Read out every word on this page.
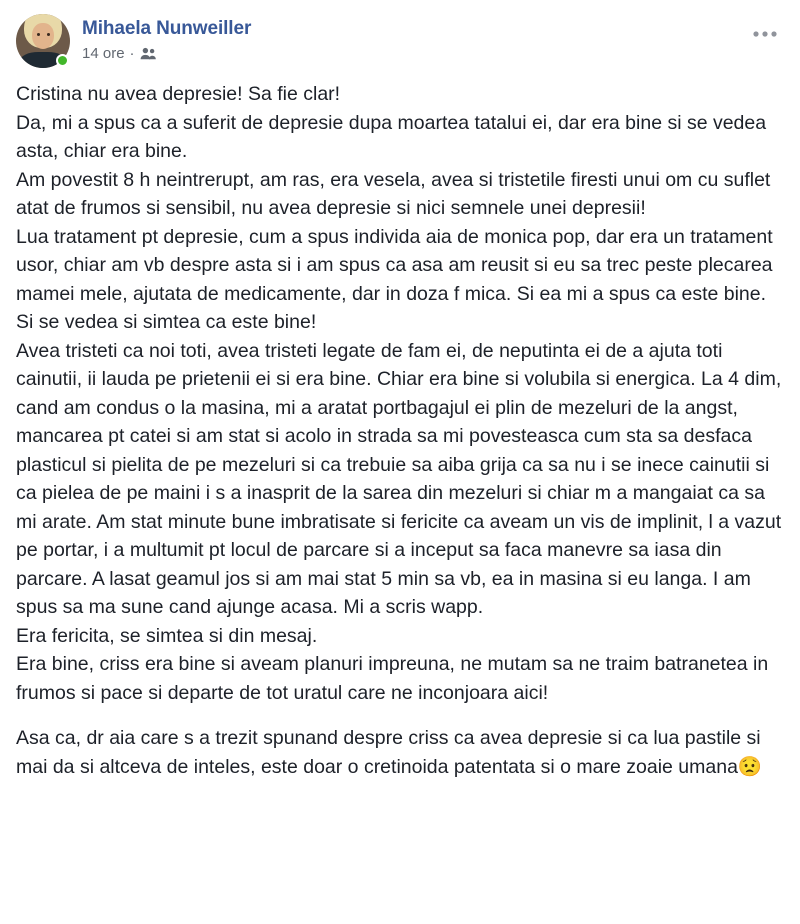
Mihaela Nunweiller
14 ore ·

Cristina nu avea depresie! Sa fie clar!

Da, mi a spus ca a suferit de depresie dupa moartea tatalui ei, dar era bine si se vedea asta, chiar era bine.

Am povestit 8 h neintrerupt, am ras, era vesela, avea si tristetile firesti unui om cu suflet atat de frumos si sensibil, nu avea depresie si nici semnele unei depresii!

Lua tratament pt depresie, cum a spus individa aia de monica pop, dar era un tratament usor, chiar am vb despre asta si i am spus ca asa am reusit si eu sa trec peste plecarea mamei mele, ajutata de medicamente, dar in doza f mica. Si ea mi a spus ca este bine. Si se vedea si simtea ca este bine!

Avea tristeti ca noi toti, avea tristeti legate de fam ei, de neputinta ei de a ajuta toti cainutii, ii lauda pe prietenii ei si era bine. Chiar era bine si volubila si energica. La 4 dim, cand am condus o la masina, mi a aratat portbagajul ei plin de mezeluri de la angst, mancarea pt catei si am stat si acolo in strada sa mi povesteasca cum sta sa desfaca plasticul si pielita de pe mezeluri si ca trebuie sa aiba grija ca sa nu i se inece cainutii si ca pielea de pe maini i s a inasprit de la sarea din mezeluri si chiar m a mangaiat ca sa mi arate. Am stat minute bune imbratisate si fericite ca aveam un vis de implinit, l a vazut pe portar, i a multumit pt locul de parcare si a inceput sa faca manevre sa iasa din parcare. A lasat geamul jos si am mai stat 5 min sa vb, ea in masina si eu langa. I am spus sa ma sune cand ajunge acasa. Mi a scris wapp.

Era fericita, se simtea si din mesaj.

Era bine, criss era bine si aveam planuri impreuna, ne mutam sa ne traim batranetea in frumos si pace si departe de tot uratul care ne inconjoara aici!

Asa ca, dr aia care s a trezit spunand despre criss ca avea depresie si ca lua pastile si mai da si altceva de inteles, este doar o cretinoida patentata si o mare zoaie umana😟
